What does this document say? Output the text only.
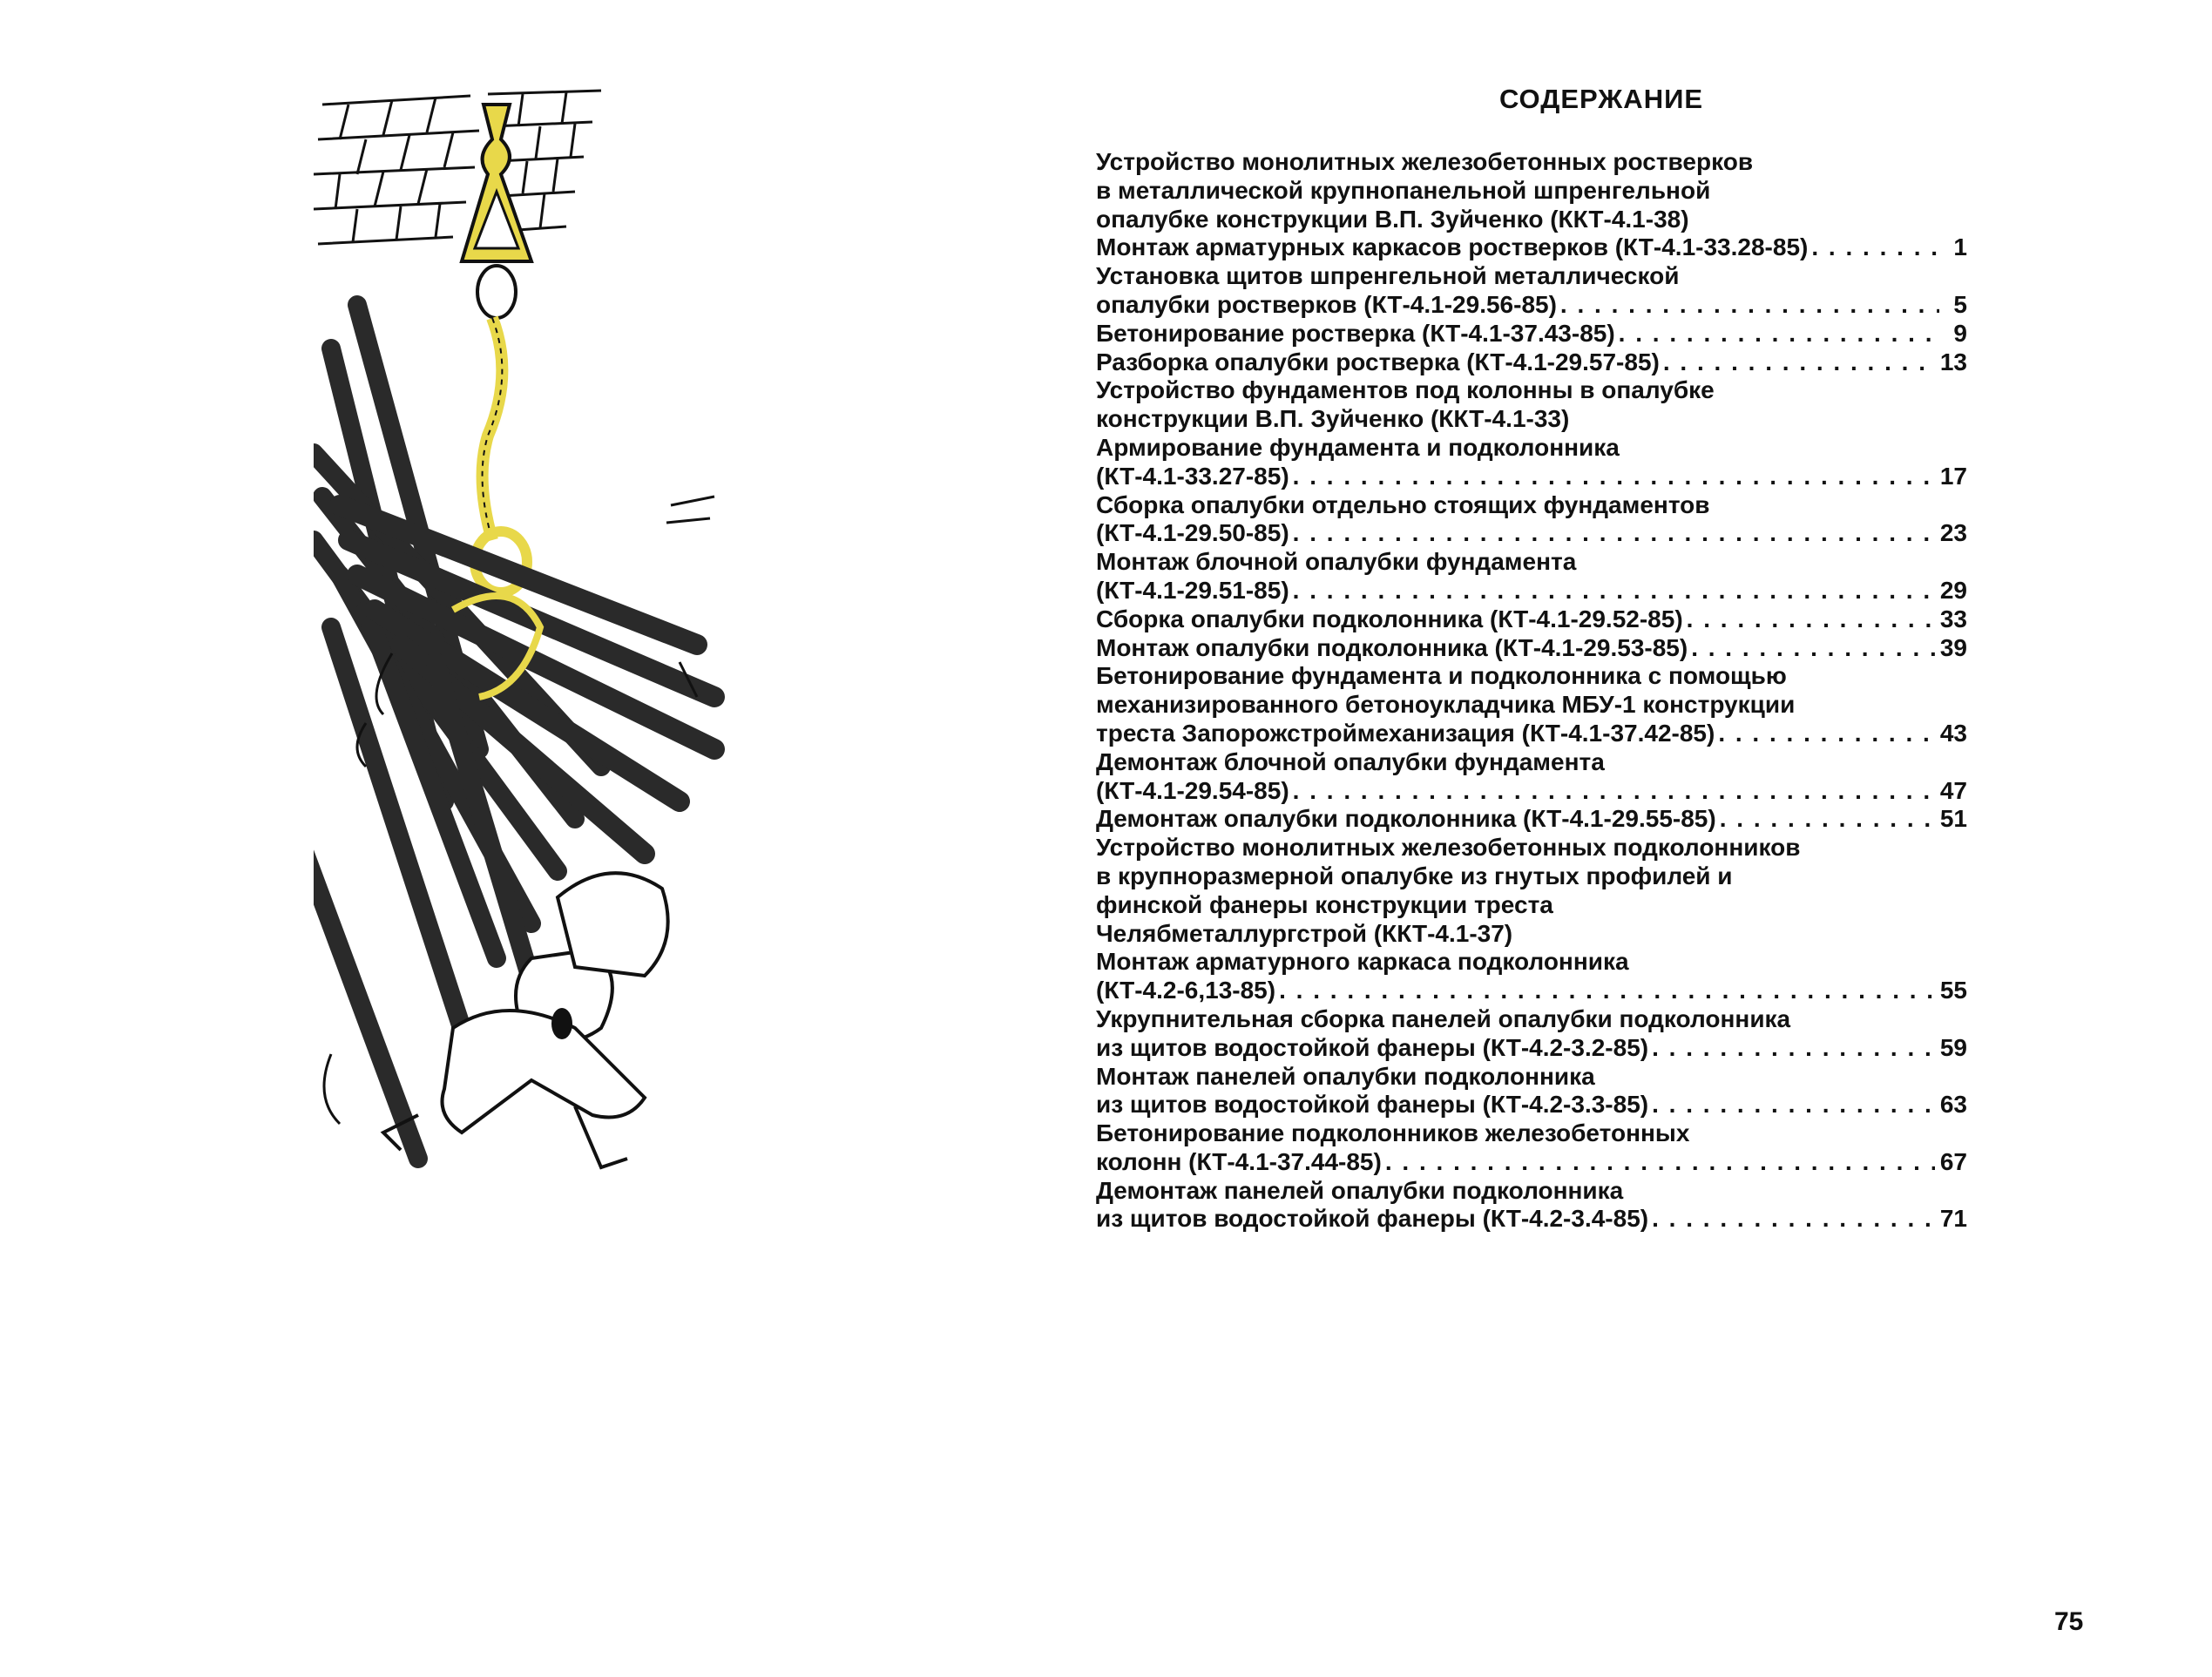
СОДЕРЖАНИЕ
Устройство монолитных железобетонных ростверков
в металлической крупнопанельной шпренгельной
опалубке конструкции В.П. Зуйченко (ККТ-4.1-38)
Монтаж арматурных каркасов ростверков (КТ-4.1-33.28-85) . . .	1
Установка щитов шпренгельной металлической
опалубки ростверков (КТ-4.1-29.56-85) . . .	5
Бетонирование ростверка (КТ-4.1-37.43-85) . . .	9
Разборка опалубки ростверка (КТ-4.1-29.57-85) . . .	13
Устройство фундаментов под колонны в опалубке
конструкции В.П. Зуйченко (ККТ-4.1-33)
Армирование фундамента и подколонника
(КТ-4.1-33.27-85) . . .	17
Сборка опалубки отдельно стоящих фундаментов
(КТ-4.1-29.50-85) . . .	23
Монтаж блочной опалубки фундамента
(КТ-4.1-29.51-85) . . .	29
Сборка опалубки подколонника (КТ-4.1-29.52-85) . . .	33
Монтаж опалубки подколонника (КТ-4.1-29.53-85) . . .	39
Бетонирование фундамента и подколонника с помощью
механизированного бетоноукладчика МБУ-1 конструкции
треста Запорожстроймеханизация (КТ-4.1-37.42-85) . . .	43
Демонтаж блочной опалубки фундамента
(КТ-4.1-29.54-85) . . .	47
Демонтаж опалубки подколонника (КТ-4.1-29.55-85) . . .	51
Устройство монолитных железобетонных подколонников
в крупноразмерной опалубке из гнутых профилей и
финской фанеры конструкции треста
Челябметаллургстрой (ККТ-4.1-37)
Монтаж арматурного каркаса подколонника
(КТ-4.2-6,13-85) . . .	55
Укрупнительная сборка панелей опалубки подколонника
из щитов водостойкой фанеры (КТ-4.2-3.2-85) . . .	59
Монтаж панелей опалубки подколонника
из щитов водостойкой фанеры (КТ-4.2-3.3-85) . . .	63
Бетонирование подколонников железобетонных
колонн (КТ-4.1-37.44-85) . . .	67
Демонтаж панелей опалубки подколонника
из щитов водостойкой фанеры (КТ-4.2-3.4-85) . . .	71
75
